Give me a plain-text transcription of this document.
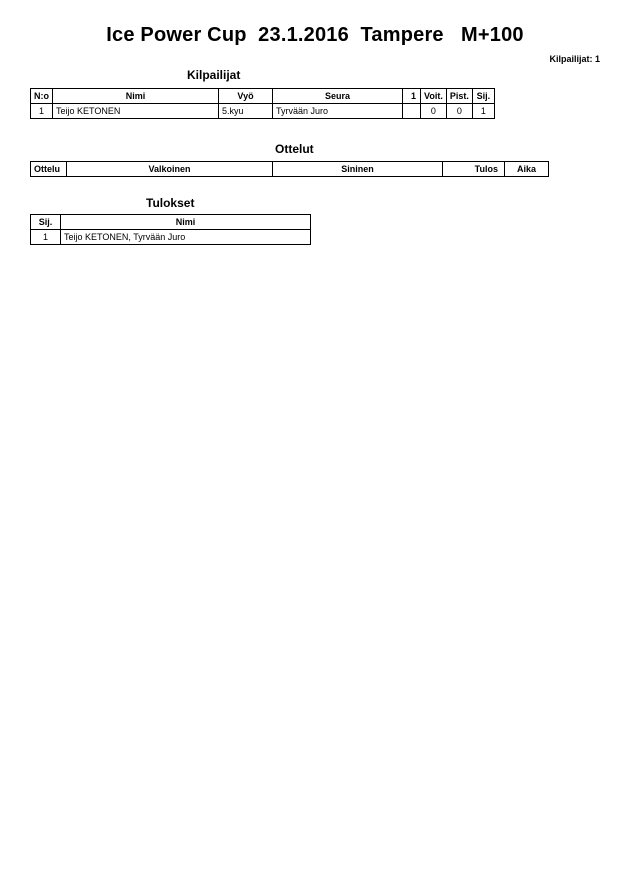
Ice Power Cup  23.1.2016  Tampere   M+100
Kilpailijat: 1
Kilpailijat
N:o	Nimi	Vyö	Seura	1	Voit.	Pist.	Sij.
1	Teijo KETONEN	5.kyu	Tyrvään Juro		0	0	1
Ottelut
Ottelu	Valkoinen	Sininen	Tulos	Aika
Tulokset
Sij.	Nimi
1	Teijo KETONEN, Tyrvään Juro
